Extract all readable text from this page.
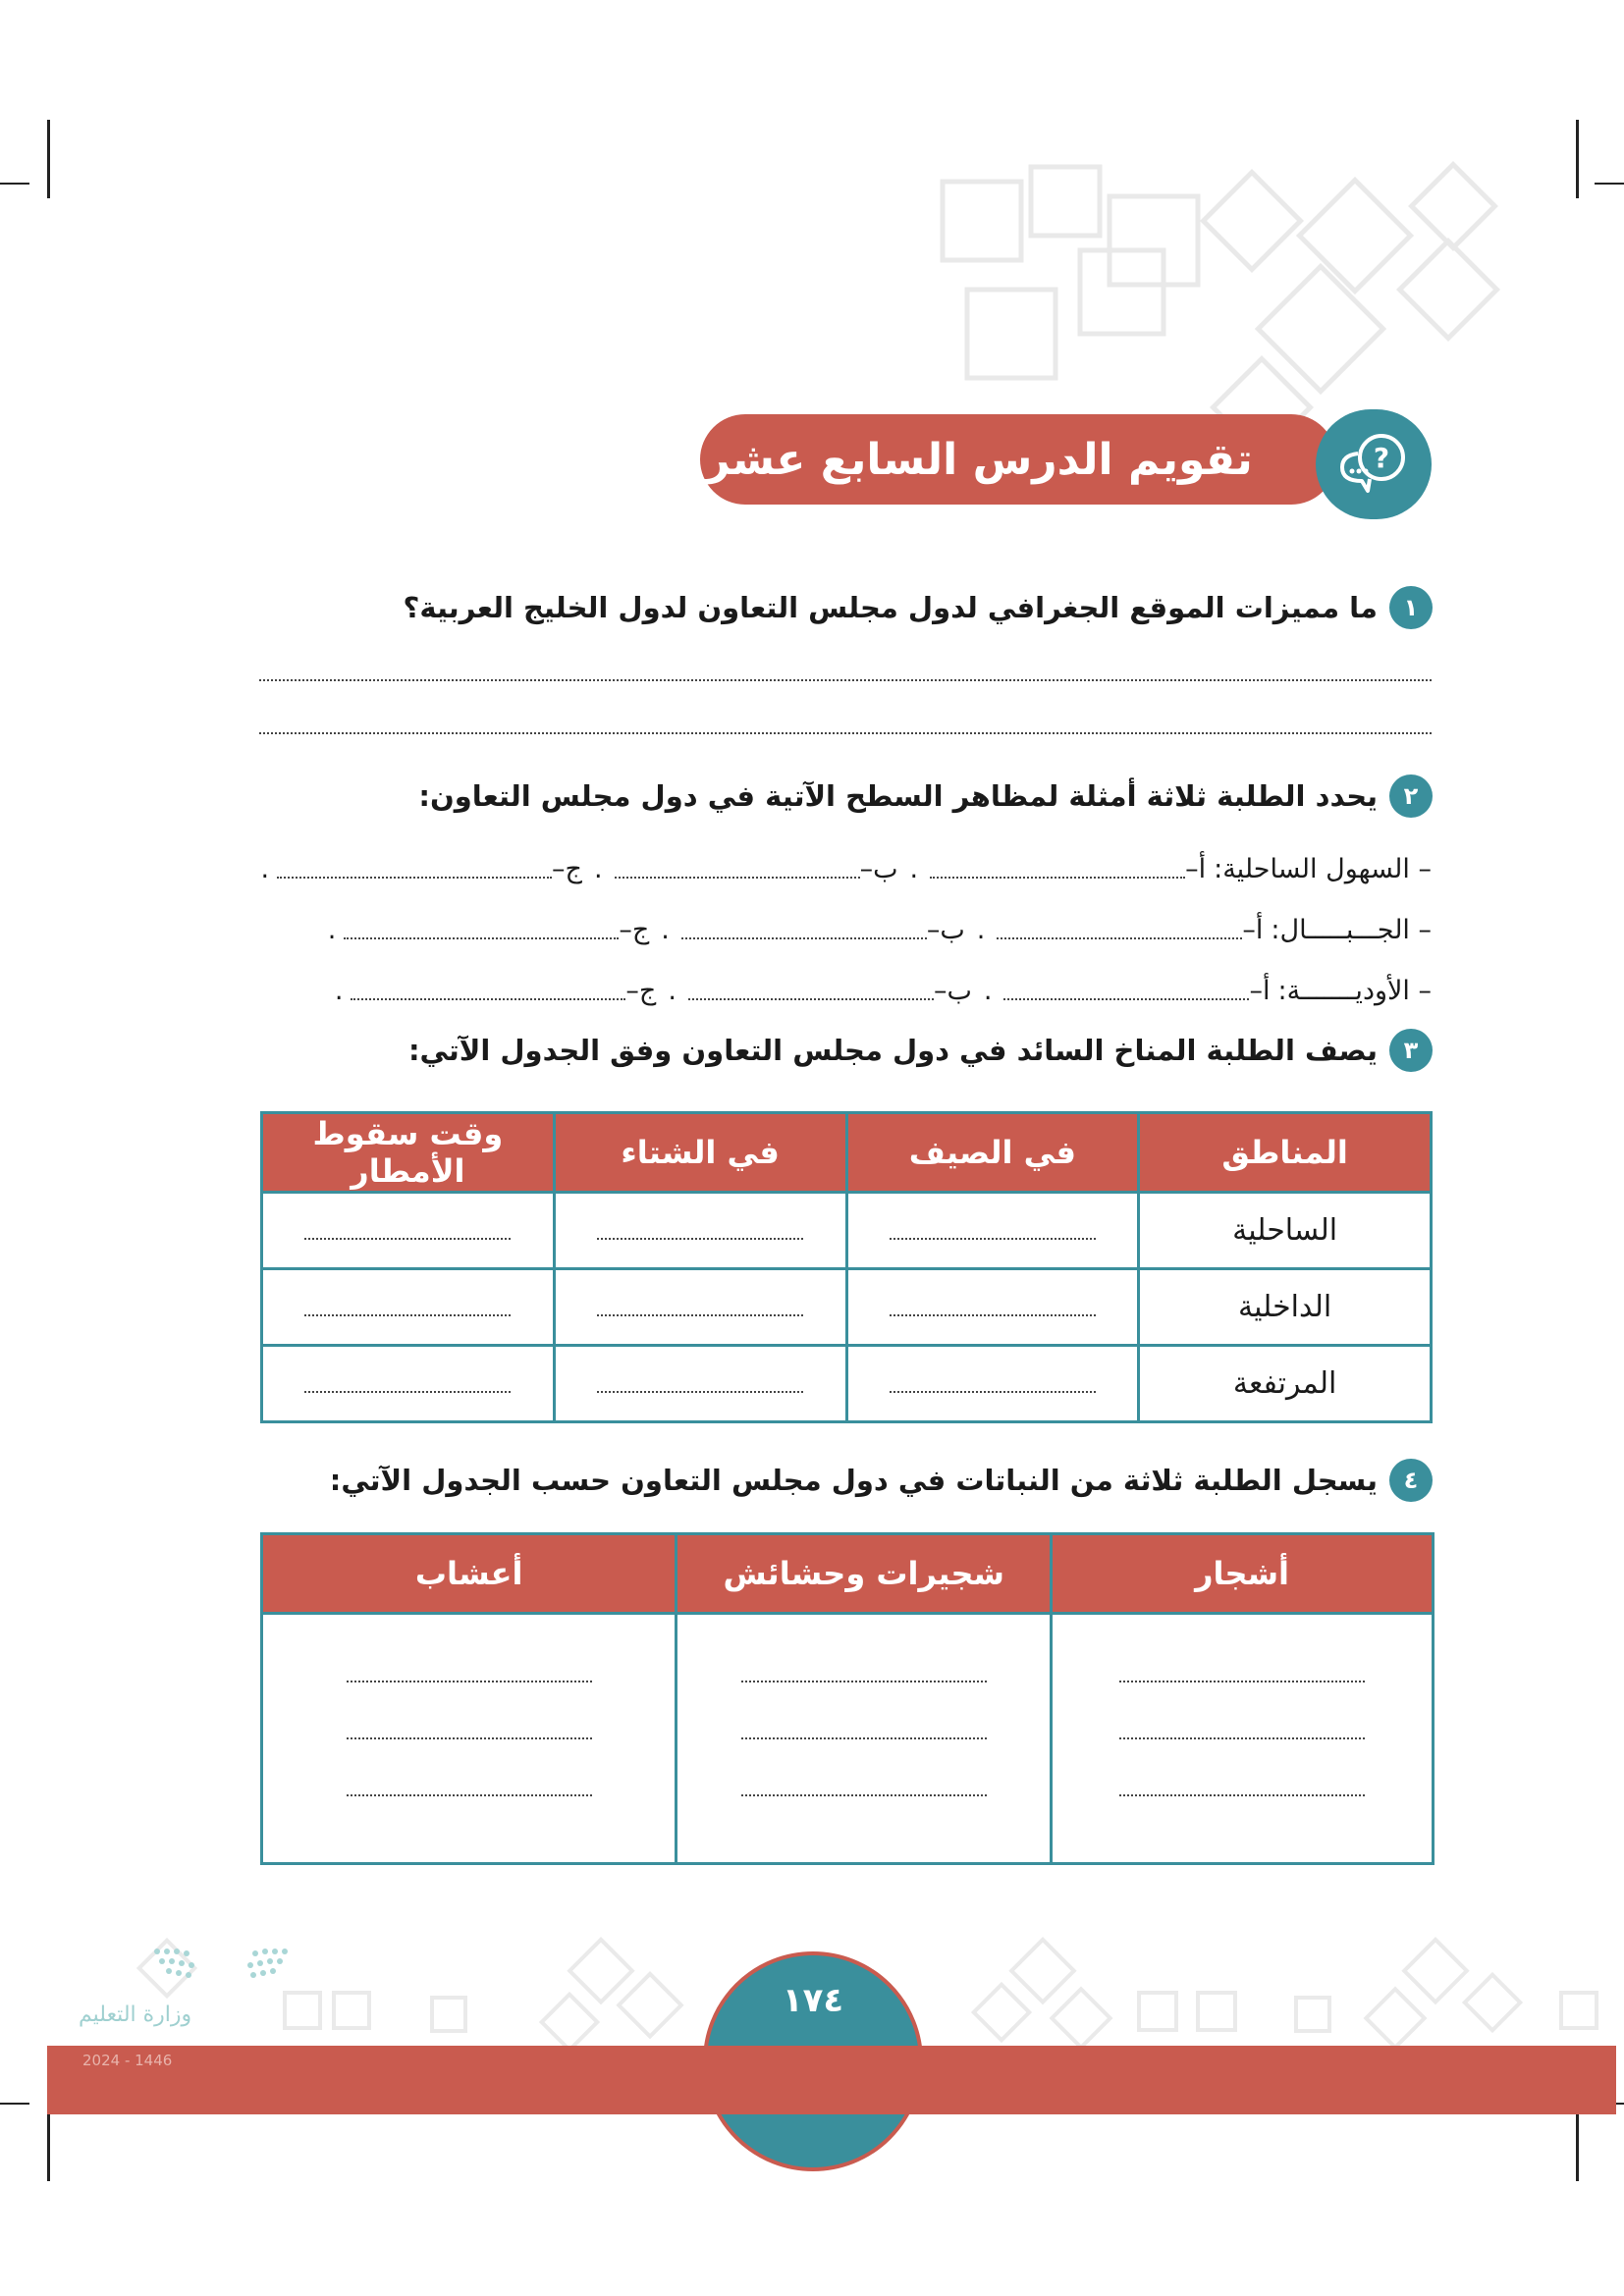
تقويم الدرس السابع عشر	?
١
ما مميزات الموقع الجغرافي لدول مجلس التعاون لدول الخليج العربية؟
٢
يحدد الطلبة ثلاثة أمثلة لمظاهر السطح الآتية في دول مجلس التعاون:
– السهول الساحلية:
أ–
.
ب–
.
ج–
.
– الجـــبـــــال:
أ–
.
ب–
.
ج–
.
– الأوديـــــــة:
أ–
.
ب–
.
ج–
.
٣
يصف الطلبة المناخ السائد في دول مجلس التعاون وفق الجدول الآتي:
المناطق	في الصيف	في الشتاء	وقت سقوط الأمطار
الساحلية			
الداخلية			
المرتفعة			
٤
يسجل الطلبة ثلاثة من النباتات في دول مجلس التعاون حسب الجدول الآتي:
أشجار	شجيرات وحشائش	أعشاب

١٧٤
وزارة التعليم
2024 - 1446
